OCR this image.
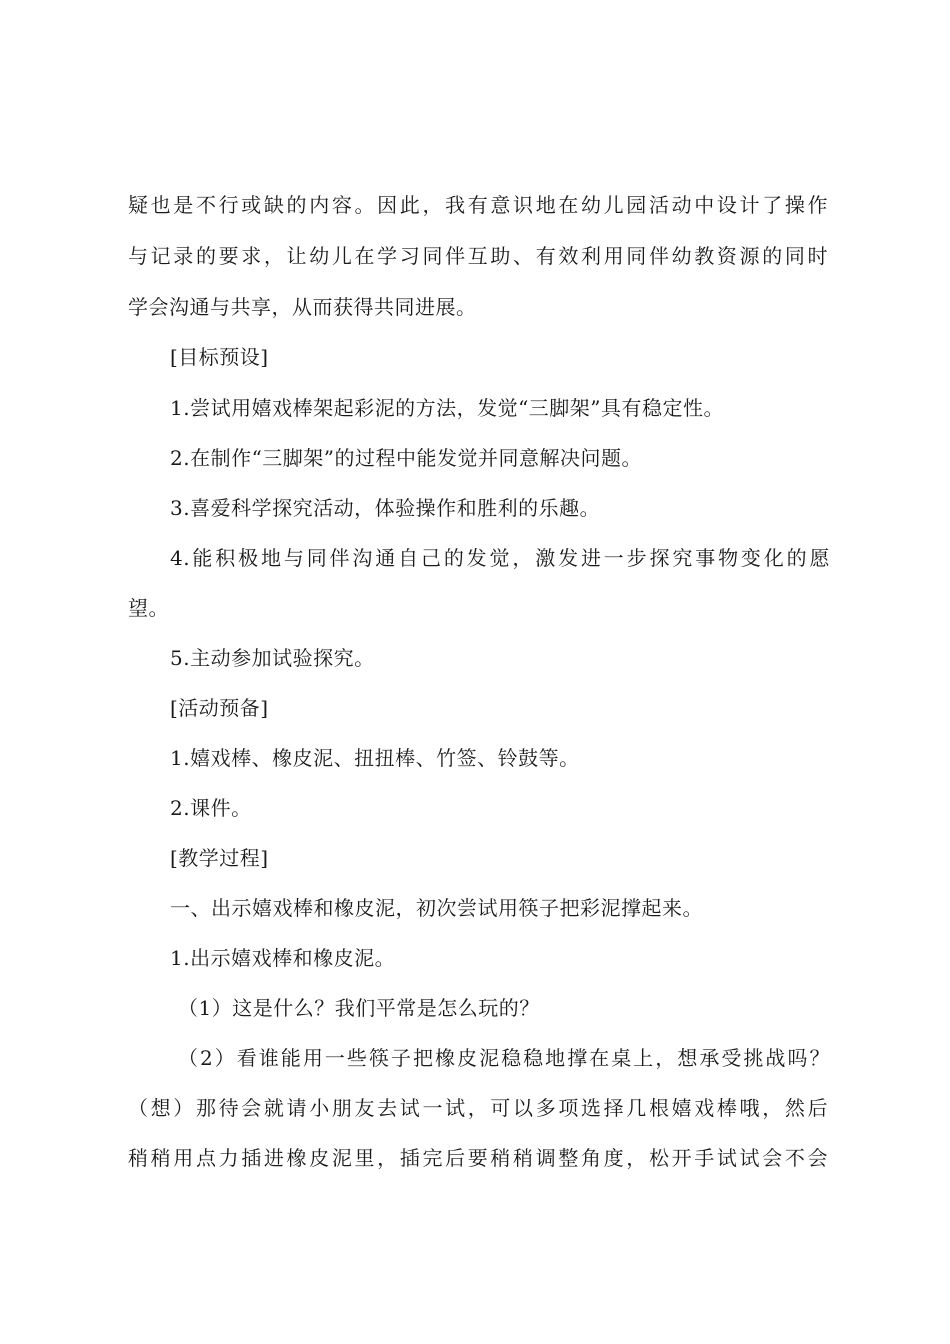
疑也是不行或缺的内容。因此，我有意识地在幼儿园活动中设计了操作
与记录的要求，让幼儿在学习同伴互助、有效利用同伴幼教资源的同时
学会沟通与共享，从而获得共同进展。
[目标预设]
1.尝试用嬉戏棒架起彩泥的方法，发觉“三脚架”具有稳定性。
2.在制作“三脚架”的过程中能发觉并同意解决问题。
3.喜爱科学探究活动，体验操作和胜利的乐趣。
4.能积极地与同伴沟通自己的发觉，激发进一步探究事物变化的愿
望。
5.主动参加试验探究。
[活动预备]
1.嬉戏棒、橡皮泥、扭扭棒、竹签、铃鼓等。
2.课件。
[教学过程]
一、出示嬉戏棒和橡皮泥，初次尝试用筷子把彩泥撑起来。
1.出示嬉戏棒和橡皮泥。
（1）这是什么？我们平常是怎么玩的？
（2）看谁能用一些筷子把橡皮泥稳稳地撑在桌上，想承受挑战吗？
（想）那待会就请小朋友去试一试，可以多项选择几根嬉戏棒哦，然后
稍稍用点力插进橡皮泥里，插完后要稍稍调整角度，松开手试试会不会
